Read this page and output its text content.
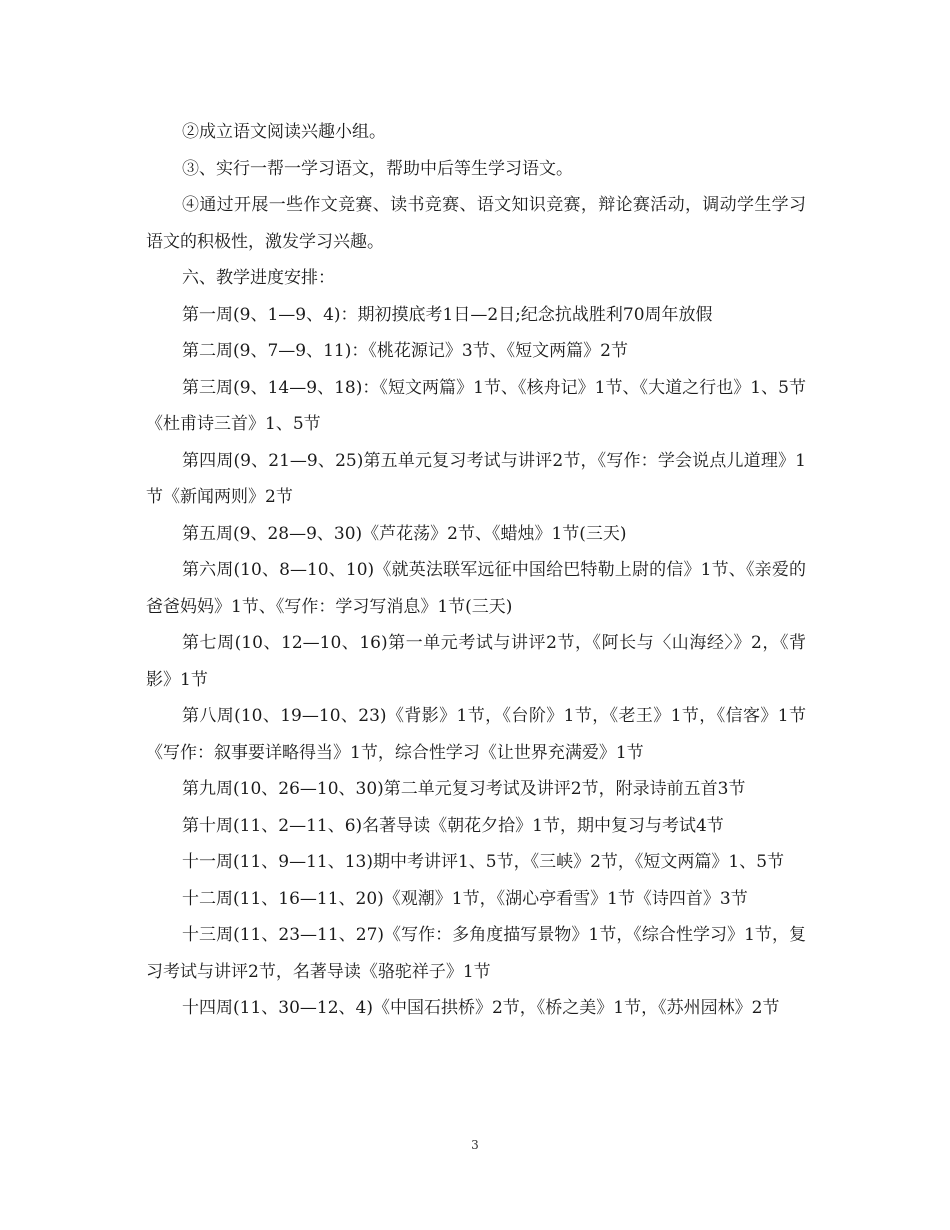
②成立语文阅读兴趣小组。

③、实行一帮一学习语文，帮助中后等生学习语文。

④通过开展一些作文竞赛、读书竞赛、语文知识竞赛，辩论赛活动，调动学生学习语文的积极性，激发学习兴趣。

六、教学进度安排：

第一周(9、1—9、4)：期初摸底考1日—2日;纪念抗战胜利70周年放假

第二周(9、7—9、11)：《桃花源记》3节、《短文两篇》2节

第三周(9、14—9、18)：《短文两篇》1节、《核舟记》1节、《大道之行也》1、5节《杜甫诗三首》1、5节

第四周(9、21—9、25)第五单元复习考试与讲评2节，《写作：学会说点儿道理》1节《新闻两则》2节

第五周(9、28—9、30)《芦花荡》2节、《蜡烛》1节(三天)

第六周(10、8—10、10)《就英法联军远征中国给巴特勒上尉的信》1节、《亲爱的爸爸妈妈》1节、《写作：学习写消息》1节(三天)

第七周(10、12—10、16)第一单元考试与讲评2节，《阿长与〈山海经〉》2，《背影》1节

第八周(10、19—10、23)《背影》1节，《台阶》1节，《老王》1节，《信客》1节《写作：叙事要详略得当》1节，综合性学习《让世界充满爱》1节

第九周(10、26—10、30)第二单元复习考试及讲评2节，附录诗前五首3节

第十周(11、2—11、6)名著导读《朝花夕拾》1节，期中复习与考试4节

十一周(11、9—11、13)期中考讲评1、5节，《三峡》2节，《短文两篇》1、5节

十二周(11、16—11、20)《观潮》1节，《湖心亭看雪》1节《诗四首》3节

十三周(11、23—11、27)《写作：多角度描写景物》1节，《综合性学习》1节，复习考试与讲评2节，名著导读《骆驼祥子》1节

十四周(11、30—12、4)《中国石拱桥》2节，《桥之美》1节，《苏州园林》2节

3
